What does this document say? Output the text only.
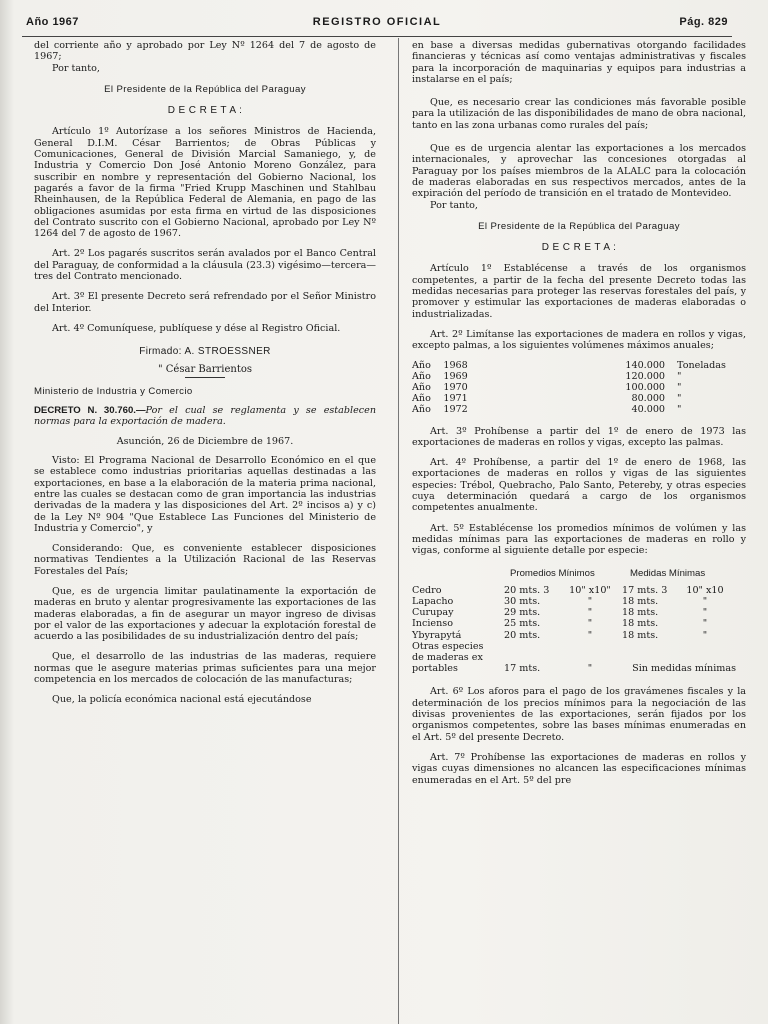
Año 1967	REGISTRO OFICIAL	Pág. 829

del corriente año y aprobado por Ley Nº 1264 del 7 de agosto de 1967;

Por tanto,

El Presidente de la República del Paraguay

D E C R E T A :

Artículo 1º Autorízase a los señores Ministros de Hacienda, General D.I.M. César Barrientos; de Obras Públicas y Comunicaciones, General de División Marcial Samaniego, y, de Industria y Comercio Don José Antonio Moreno González, para suscribir en nombre y representación del Gobierno Nacional, los pagarés a favor de la firma "Fried Krupp Maschinen und Stahlbau Rheinhausen, de la República Federal de Alemania, en pago de las obligaciones asumidas por esta firma en virtud de las disposiciones del Contrato suscrito con el Gobierno Nacional, aprobado por Ley Nº 1264 del 7 de agosto de 1967.

Art. 2º Los pagarés suscritos serán avalados por el Banco Central del Paraguay, de conformidad a la cláusula (23.3) vigésimo—tercera—tres del Contrato mencionado.

Art. 3º El presente Decreto será refrendado por el Señor Ministro del Interior.

Art. 4º Comuníquese, publíquese y dése al Registro Oficial.

Firmado: A. STROESSNER

" César Barrientos

Ministerio de Industria y Comercio

DECRETO N. 30.760.—Por el cual se reglamenta y se establecen normas para la exportación de madera.

Asunción, 26 de Diciembre de 1967.

Visto: El Programa Nacional de Desarrollo Económico en el que se establece como industrias prioritarias aquellas destinadas a las exportaciones, en base a la elaboración de la materia prima nacional, entre las cuales se destacan como de gran importancia las industrias derivadas de la madera y las disposiciones del Art. 2º incisos a) y c) de la Ley Nº 904 "Que Establece Las Funciones del Ministerio de Industria y Comercio", y

Considerando: Que, es conveniente establecer disposiciones normativas Tendientes a la Utilización Racional de las Reservas Forestales del País;

Que, es de urgencia limitar paulatinamente la exportación de maderas en bruto y alentar progresivamente las exportaciones de las maderas elaboradas, a fin de asegurar un mayor ingreso de divisas por el valor de las exportaciones y adecuar la explotación forestal de acuerdo a las posibilidades de su industrialización dentro del país;

Que, el desarrollo de las industrias de las maderas, requiere normas que le asegure materias primas suficientes para una mejor competencia en los mercados de colocación de las manufacturas;

Que, la policía económica nacional está ejecutándose

en base a diversas medidas gubernativas otorgando facilidades financieras y técnicas así como ventajas administrativas y fiscales para la incorporación de maquinarias y equipos para industrias a instalarse en el país;

Que, es necesario crear las condiciones más favorable posible para la utilización de las disponibilidades de mano de obra nacional, tanto en las zona urbanas como rurales del país;

Que es de urgencia alentar las exportaciones a los mercados internacionales, y aprovechar las concesiones otorgadas al Paraguay por los países miembros de la ALALC para la colocación de maderas elaboradas en sus respectivos mercados, antes de la expiración del período de transición en el tratado de Montevideo.

Por tanto,

El Presidente de la República del Paraguay

D E C R E T A :

Artículo 1º Establécense a través de los organismos competentes, a partir de la fecha del presente Decreto todas las medidas necesarias para proteger las reservas forestales del país, y promover y estimular las exportaciones de maderas elaboradas o industrializadas.

Art. 2º Limítanse las exportaciones de madera en rollos y vigas, excepto palmas, a los siguientes volúmenes máximos anuales;

Año	1968	140.000	Toneladas
Año	1969	120.000	"
Año	1970	100.000	"
Año	1971	80.000	"
Año	1972	40.000	"

Art. 3º Prohíbense a partir del 1º de enero de 1973 las exportaciones de maderas en rollos y vigas, excepto las palmas.

Art. 4º Prohíbense, a partir del 1º de enero de 1968, las exportaciones de maderas en rollos y vigas de las siguientes especies: Trébol, Quebracho, Palo Santo, Petereby, y otras especies cuya determinación quedará a cargo de los organismos competentes anualmente.

Art. 5º Establécense los promedios mínimos de volúmen y las medidas mínimas para las exportaciones de maderas en rollo y vigas, conforme al siguiente detalle por especie:

	Promedios Mínimos		Medidas Mínimas	
Cedro	20 mts. 3	10" x10"	17 mts. 3	10" x10
Lapacho	30 mts.	"	18 mts.	"
Curupay	29 mts.	"	18 mts.	"
Incienso	25 mts.	"	18 mts.	"
Ybyrapytá	20 mts.	"	18 mts.	"
Otras especies				
de maderas ex				
portables	17 mts.	"	Sin medidas mínimas	

Art. 6º Los aforos para el pago de los gravámenes fiscales y la determinación de los precios mínimos para la negociación de las divisas provenientes de las exportaciones, serán fijados por los organismos competentes, sobre las bases mínimas enumeradas en el Art. 5º del presente Decreto.

Art. 7º Prohíbense las exportaciones de maderas en rollos y vigas cuyas dimensiones no alcancen las especificaciones mínimas enumeradas en el Art. 5º del pre
